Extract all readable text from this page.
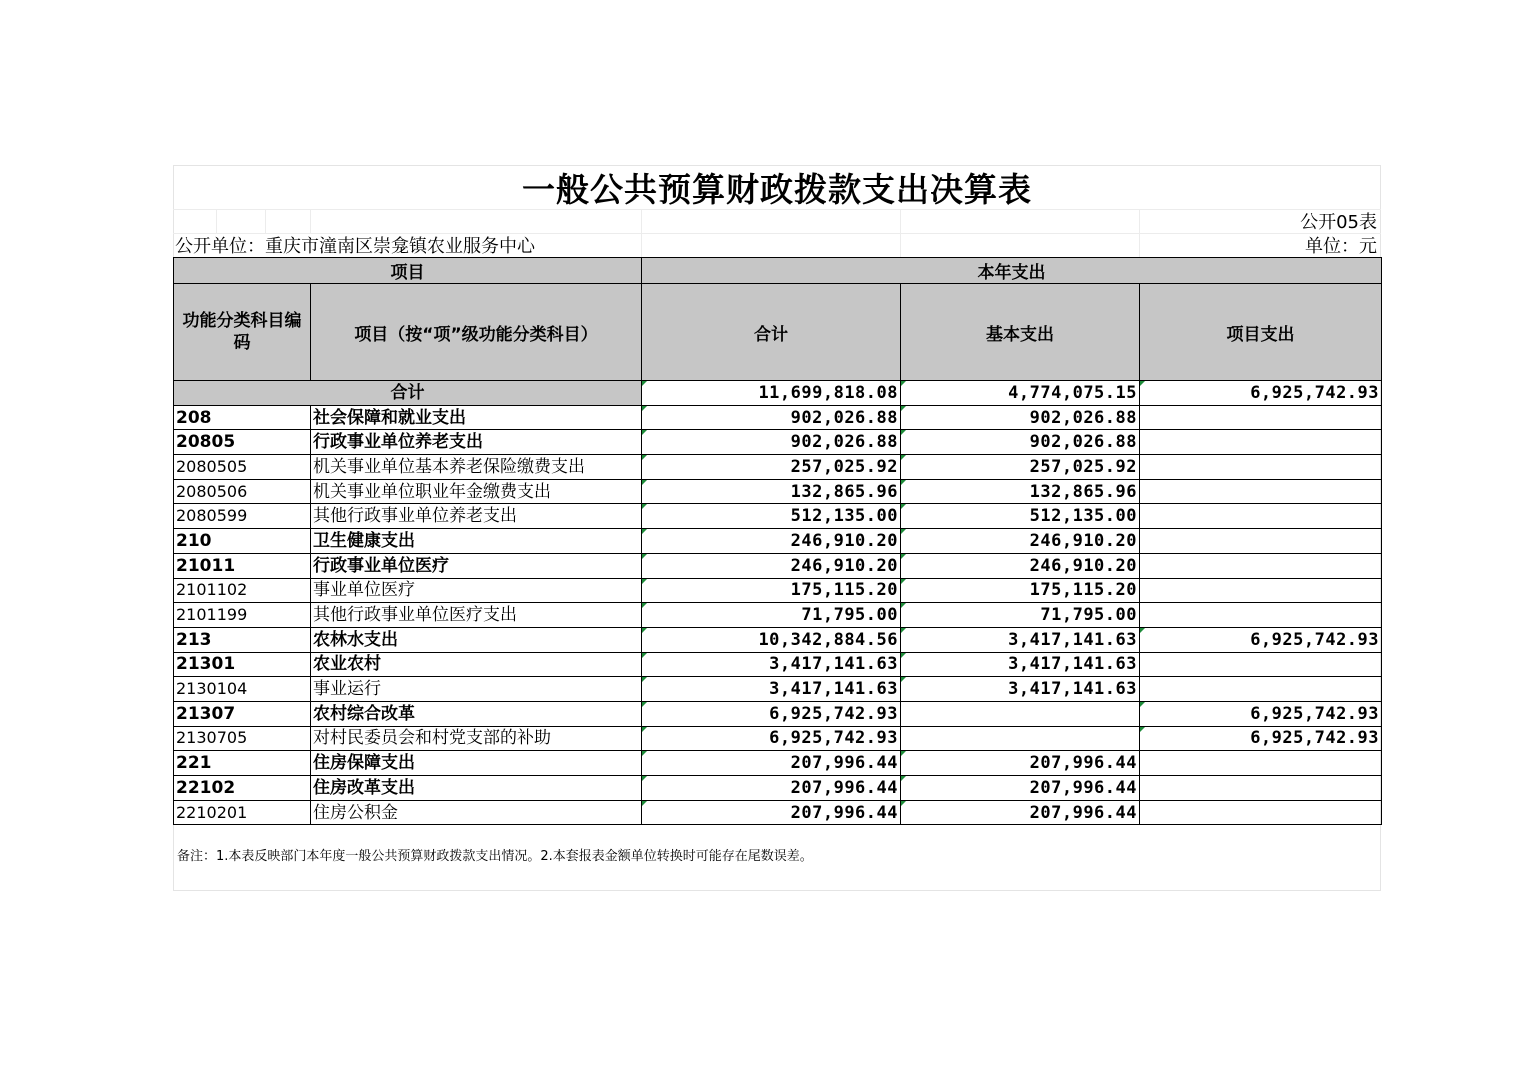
一般公共预算财政拨款支出决算表
公开05表
公开单位：重庆市潼南区崇龛镇农业服务中心	单位：元
项目		本年支出		
功能分类科目编码	项目（按“项”级功能分类科目）	合计	基本支出	项目支出
合计		11,699,818.08	4,774,075.15	6,925,742.93
208	社会保障和就业支出	902,026.88	902,026.88	
20805	行政事业单位养老支出	902,026.88	902,026.88	
2080505	机关事业单位基本养老保险缴费支出	257,025.92	257,025.92	
2080506	机关事业单位职业年金缴费支出	132,865.96	132,865.96	
2080599	其他行政事业单位养老支出	512,135.00	512,135.00	
210	卫生健康支出	246,910.20	246,910.20	
21011	行政事业单位医疗	246,910.20	246,910.20	
2101102	事业单位医疗	175,115.20	175,115.20	
2101199	其他行政事业单位医疗支出	71,795.00	71,795.00	
213	农林水支出	10,342,884.56	3,417,141.63	6,925,742.93
21301	农业农村	3,417,141.63	3,417,141.63	
2130104	事业运行	3,417,141.63	3,417,141.63	
21307	农村综合改革	6,925,742.93		6,925,742.93
2130705	对村民委员会和村党支部的补助	6,925,742.93		6,925,742.93
221	住房保障支出	207,996.44	207,996.44	
22102	住房改革支出	207,996.44	207,996.44	
2210201	住房公积金	207,996.44	207,996.44	
备注：1.本表反映部门本年度一般公共预算财政拨款支出情况。2.本套报表金额单位转换时可能存在尾数误差。
